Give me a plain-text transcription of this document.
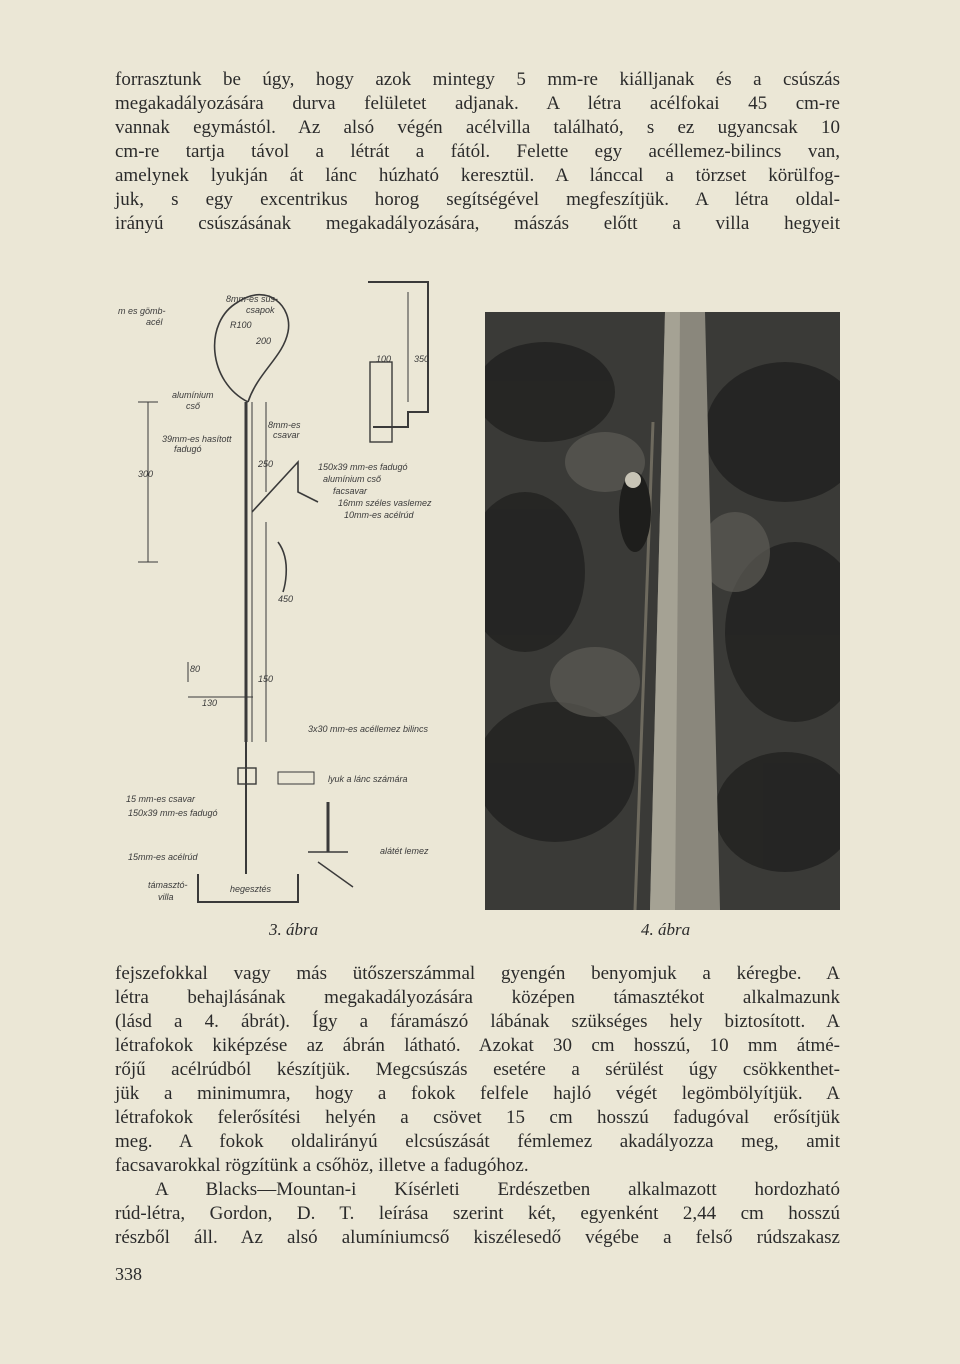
forrasztunk be úgy, hogy azok mintegy 5 mm-re kiálljanak és a csúszás
megakadályozására durva felületet adjanak. A létra acélfokai 45 cm-re
vannak egymástól. Az alsó végén acélvilla található, s ez ugyancsak 10
cm-re tartja távol a létrát a fától. Felette egy acéllemez-bilincs van,
amelynek lyukján át lánc húzható keresztül. A lánccal a törzset körülfog-
juk, s egy excentrikus horog segítségével megfeszítjük. A létra oldal-
irányú csúszásának megakadályozására, mászás előtt a villa hegyeit
m es gömb-
acél
8mm-es süs-
csapok
R100
200
100	350
alumínium
cső
39mm-es hasított
fadugó
8mm-es
csavar
300
250	150x39 mm-es fadugó
alumínium cső
facsavar
16mm széles vaslemez
10mm-es acélrúd
450
80
150
130
3x30 mm-es acéllemez bilincs
lyuk a lánc számára
15 mm-es csavar
150x39 mm-es fadugó
15mm-es acélrúd
alátét lemez
támasztó-
villa
hegesztés
3. ábra	4. ábra
fejszefokkal vagy más ütőszerszámmal gyengén benyomjuk a kéregbe. A
létra behajlásának megakadályozására középen támasztékot alkalmazunk
(lásd a 4. ábrát). Így a fáramászó lábának szükséges hely biztosított. A
létrafokok kiképzése az ábrán látható. Azokat 30 cm hosszú, 10 mm átmé-
rőjű acélrúdból készítjük. Megcsúszás esetére a sérülést úgy csökkenthet-
jük a minimumra, hogy a fokok felfele hajló végét legömbölyítjük. A
létrafokok felerősítési helyén a csövet 15 cm hosszú fadugóval erősítjük
meg. A fokok oldalirányú elcsúszását fémlemez akadályozza meg, amit
facsavarokkal rögzítünk a csőhöz, illetve a fadugóhoz.
A Blacks—Mountan-i Kísérleti Erdészetben alkalmazott hordozható
rúd-létra, Gordon, D. T. leírása szerint két, egyenként 2,44 cm hosszú
részből áll. Az alsó alumíniumcső kiszélesedő végébe a felső rúdszakasz
338
